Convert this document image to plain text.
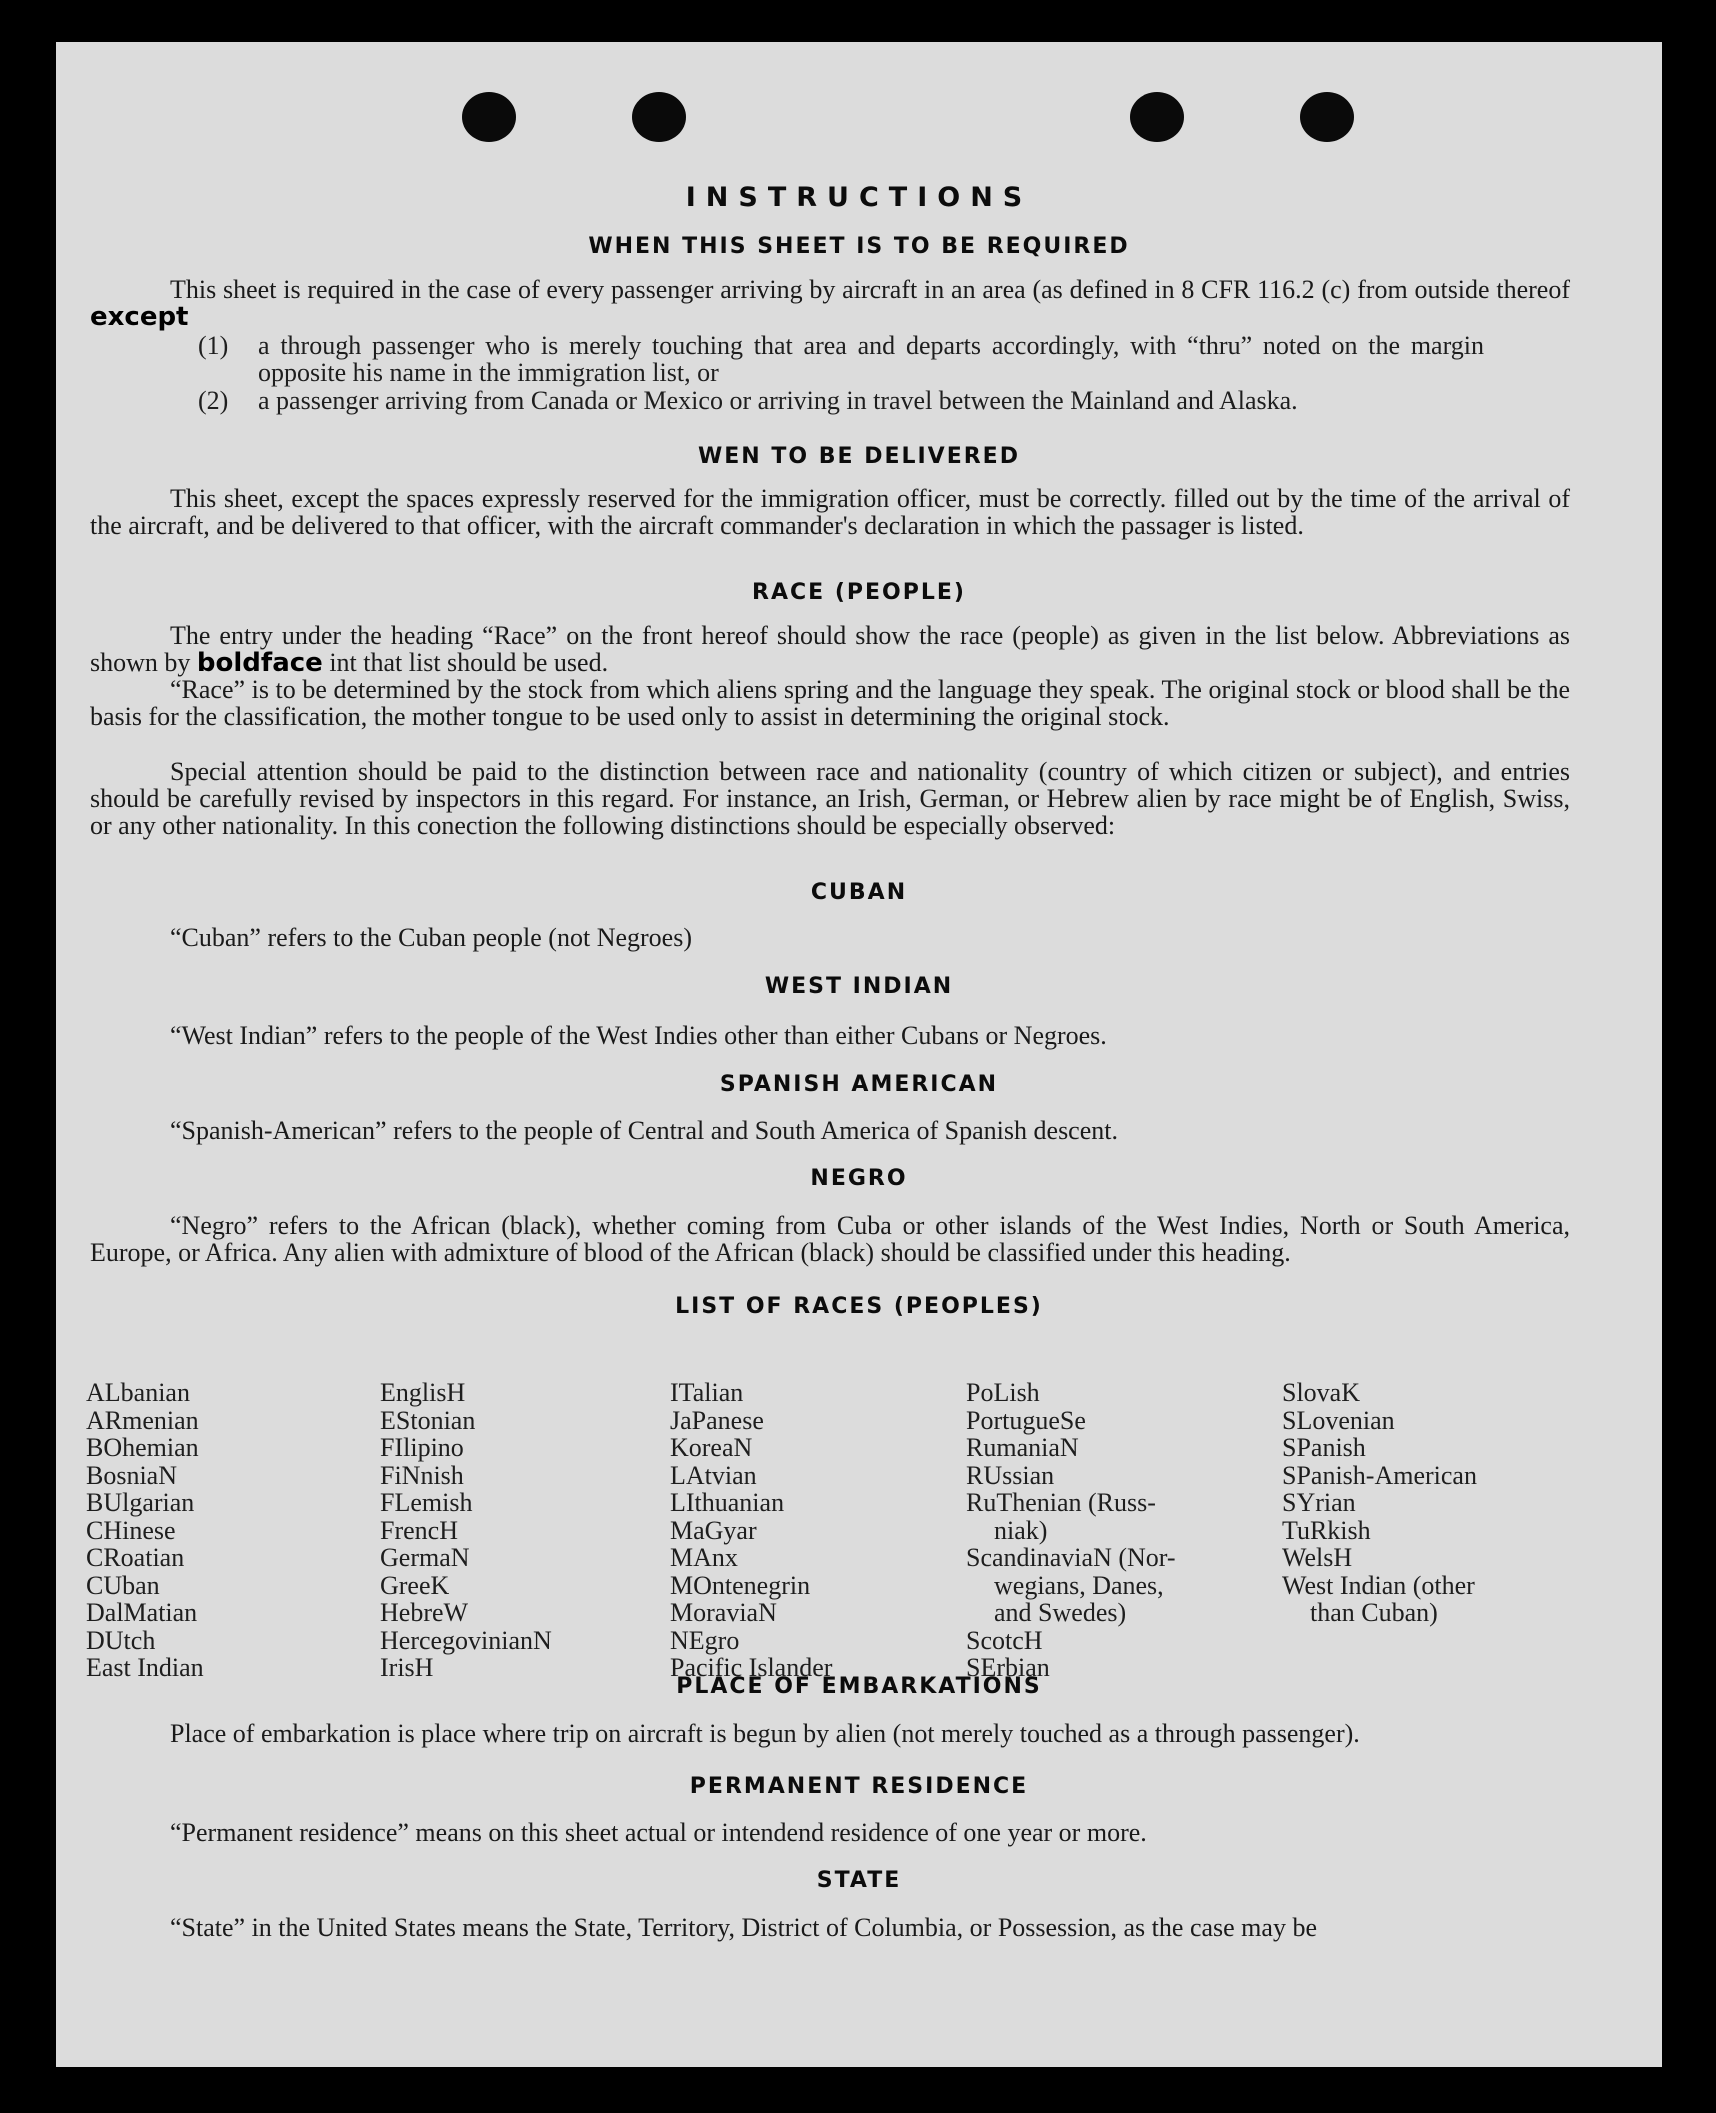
INSTRUCTIONS
WHEN THIS SHEET IS TO BE REQUIRED
This sheet is required in the case of every passenger arriving by aircraft in an area (as defined in 8 CFR 116.2 (c) from outside thereof except
(1) a through passenger who is merely touching that area and departs accordingly, with “thru” noted on the margin opposite his name in the immigration list, or
(2) a passenger arriving from Canada or Mexico or arriving in travel between the Mainland and Alaska.
WEN TO BE DELIVERED
This sheet, except the spaces expressly reserved for the immigration officer, must be correctly. filled out by the time of the arrival of the aircraft, and be delivered to that officer, with the aircraft commander's declaration in which the passager is listed.
RACE (PEOPLE)
The entry under the heading “Race” on the front hereof should show the race (people) as given in the list below. Abbreviations as shown by boldface int that list should be used.
“Race” is to be determined by the stock from which aliens spring and the language they speak. The original stock or blood shall be the basis for the classification, the mother tongue to be used only to assist in determining the original stock.
Special attention should be paid to the distinction between race and nationality (country of which citizen or subject), and entries should be carefully revised by inspectors in this regard. For instance, an Irish, German, or Hebrew alien by race might be of English, Swiss, or any other nationality. In this conection the following distinctions should be especially observed:
CUBAN
“Cuban” refers to the Cuban people (not Negroes)
WEST INDIAN
“West Indian” refers to the people of the West Indies other than either Cubans or Negroes.
SPANISH AMERICAN
“Spanish-American” refers to the people of Central and South America of Spanish descent.
NEGRO
“Negro” refers to the African (black), whether coming from Cuba or other islands of the West Indies, North or South America, Europe, or Africa. Any alien with admixture of blood of the African (black) should be classified under this heading.
LIST OF RACES (PEOPLES)
ALbanian
ARmenian
BOhemian
BosniaN
BUlgarian
CHinese
CRoatian
CUban
DalMatian
DUtch
East Indian
EnglisH
EStonian
FIlipino
FiNnish
FLemish
FrencH
GermaN
GreeK
HebreW
HercegovinianN
IrisH
ITalian
JaPanese
KoreaN
LAtvian
LIthuanian
MaGyar
MAnx
MOntenegrin
MoraviaN
NEgro
Pacific Islander
PoLish
PortugueSe
RumaniaN
RUssian
RuThenian (Russ-
niak)
ScandinaviaN (Nor-
wegians, Danes,
and Swedes)
ScotcH
SErbian
SlovaK
SLovenian
SPanish
SPanish-American
SYrian
TuRkish
WelsH
West Indian (other
than Cuban)
PLACE OF EMBARKATIONS
Place of embarkation is place where trip on aircraft is begun by alien (not merely touched as a through passenger).
PERMANENT RESIDENCE
“Permanent residence” means on this sheet actual or intendend residence of one year or more.
STATE
“State” in the United States means the State, Territory, District of Columbia, or Possession, as the case may be
